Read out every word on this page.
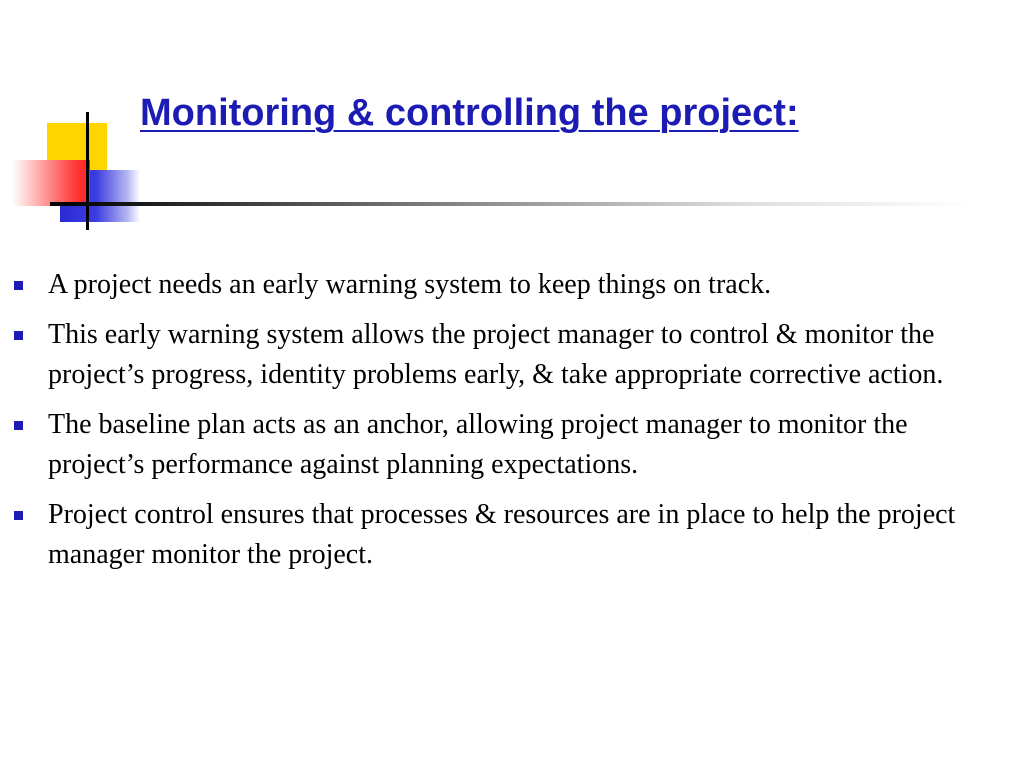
Monitoring & controlling the project:
A project needs an early warning system to keep things on track.
This early warning system allows the project manager to control & monitor the project’s progress, identity problems early, & take appropriate corrective action.
The baseline plan acts as an anchor, allowing project manager to monitor the project’s performance against planning expectations.
Project control ensures that processes & resources are in place to help the project manager monitor the project.
